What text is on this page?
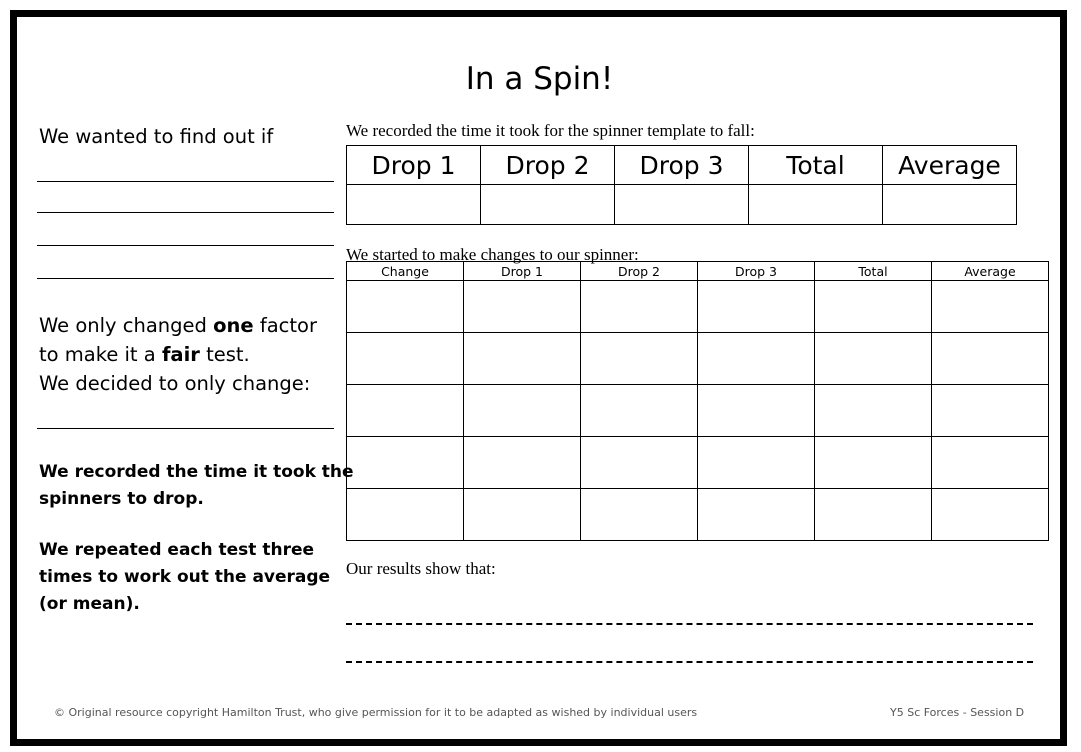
In a Spin!
We wanted to find out if
We only changed one factor
to make it a fair test.
We decided to only change:
We recorded the time it took the
spinners to drop.
We repeated each test three
times to work out the average
(or mean).
We recorded the time it took for the spinner template to fall:
Drop 1	Drop 2	Drop 3	Total	Average

We started to make changes to our spinner:
Change	Drop 1	Drop 2	Drop 3	Total	Average

Our results show that:
© Original resource copyright Hamilton Trust, who give permission for it to be adapted as wished by individual users	Y5 Sc Forces - Session D
